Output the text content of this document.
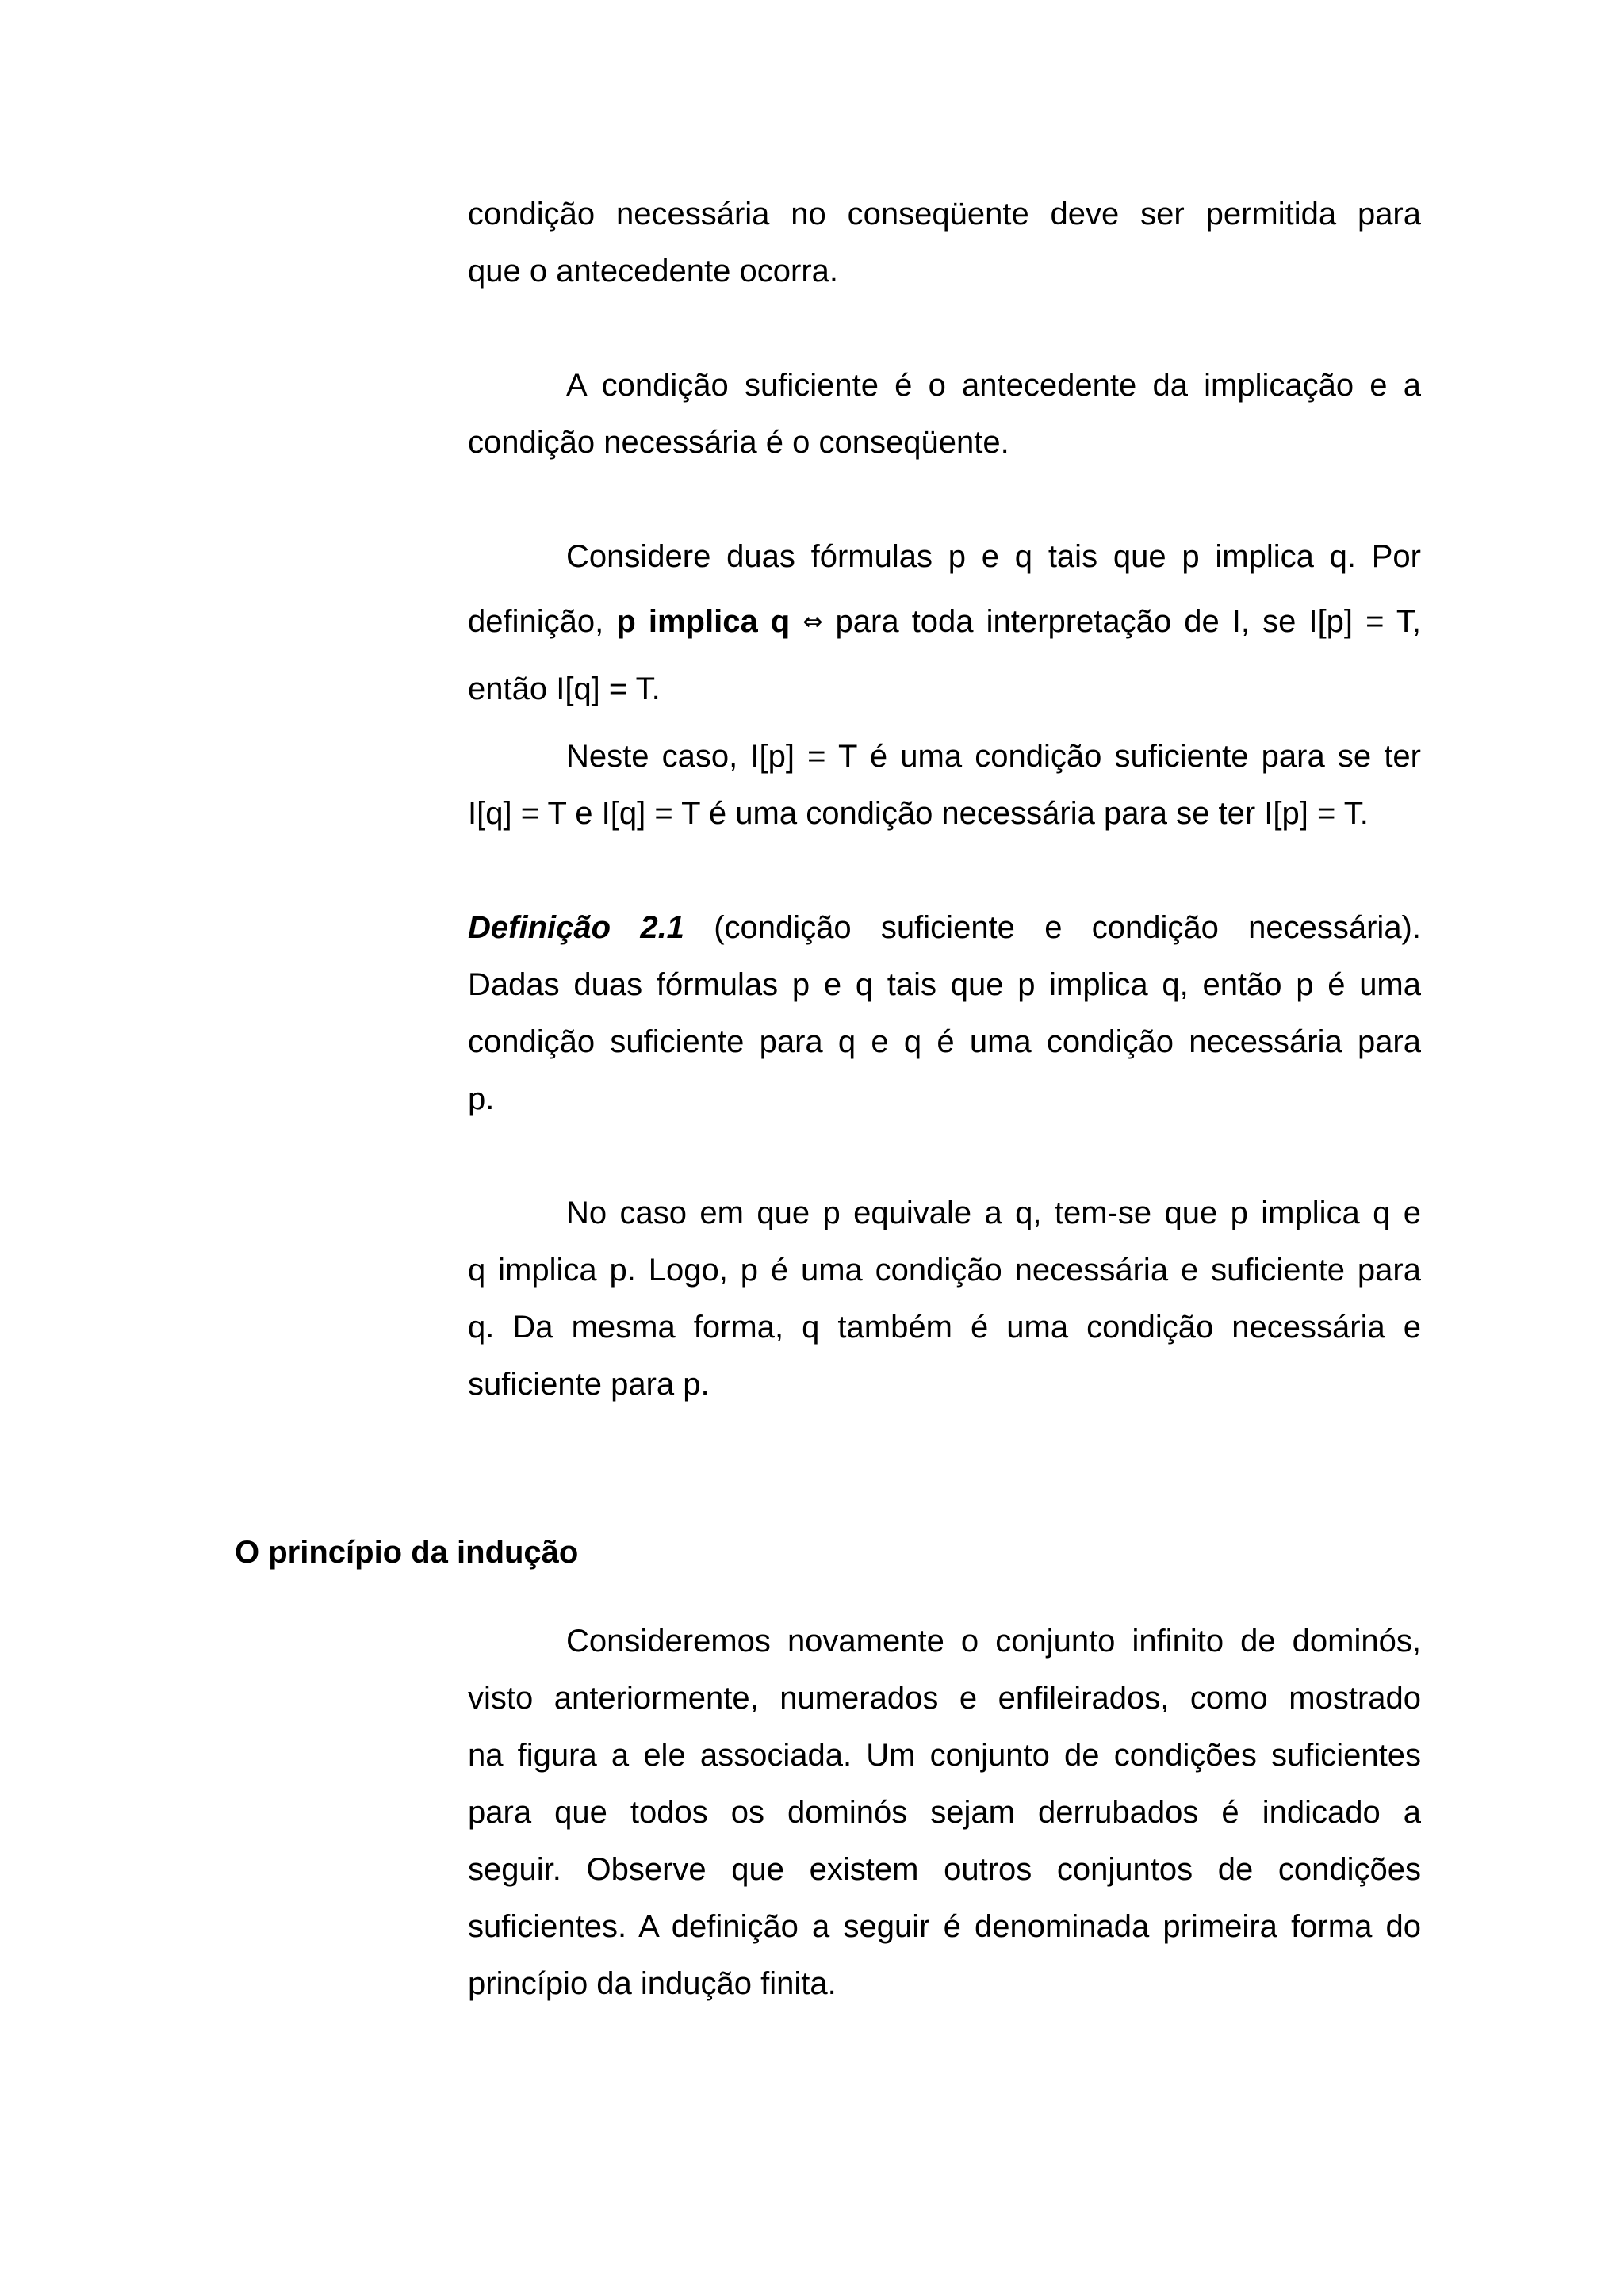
condição necessária no conseqüente deve ser permitida para
que o antecedente ocorra.
A condição suficiente é o antecedente da implicação e a
condição necessária é o conseqüente.
Considere duas fórmulas p e q tais que p implica q. Por
definição, p implica q ⇔ para toda interpretação de I, se I[p] = T,
então I[q] = T.
Neste caso, I[p] = T é uma condição suficiente para se ter
I[q] = T e I[q] = T é uma condição necessária para se ter I[p] = T.
Definição 2.1 (condição suficiente e condição necessária).
Dadas duas fórmulas p e q tais que p implica q, então p é uma
condição suficiente para q e q é uma condição necessária para
p.
No caso em que p equivale a q, tem-se que p implica q e
q implica p. Logo, p é uma condição necessária e suficiente para
q. Da mesma forma, q também é uma condição necessária e
suficiente para p.
O princípio da indução
Consideremos novamente o conjunto infinito de dominós,
visto anteriormente, numerados e enfileirados, como mostrado
na figura a ele associada. Um conjunto de condições suficientes
para que todos os dominós sejam derrubados é indicado a
seguir. Observe que existem outros conjuntos de condições
suficientes. A definição a seguir é denominada primeira forma do
princípio da indução finita.
